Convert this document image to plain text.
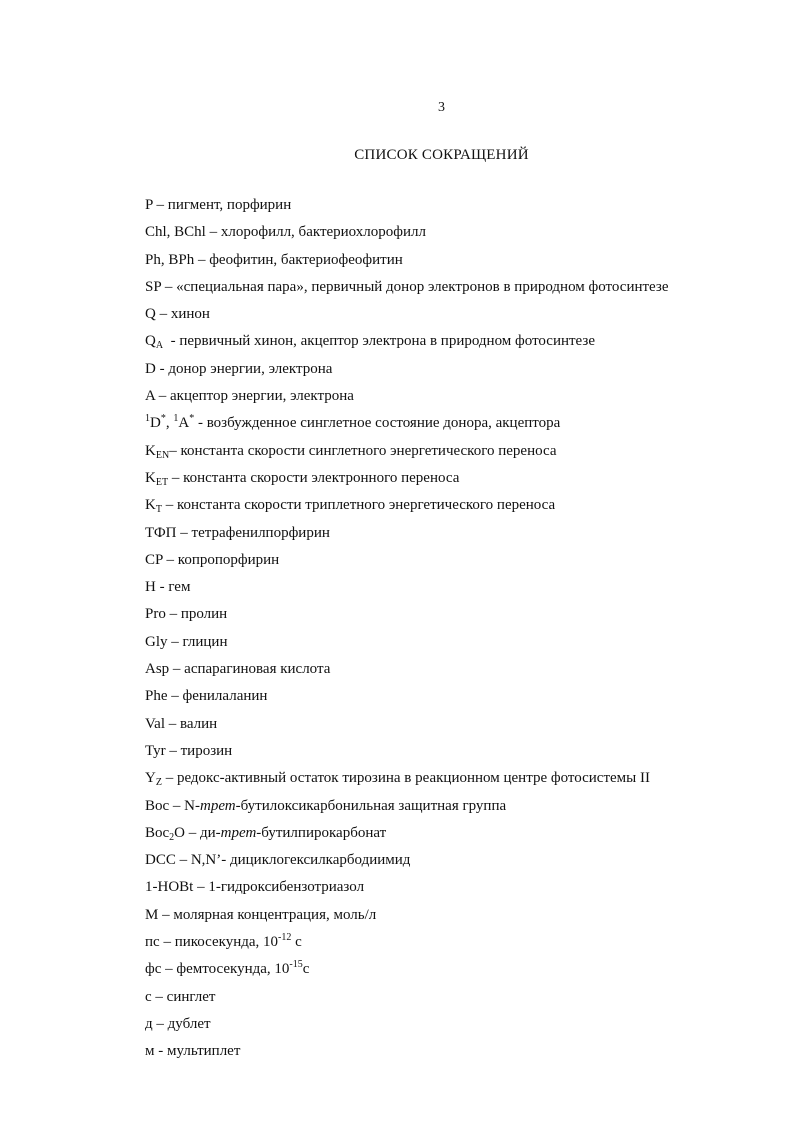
3
СПИСОК СОКРАЩЕНИЙ
P – пигмент, порфирин
Chl, BChl – хлорофилл, бактериохлорофилл
Ph, BPh – феофитин, бактериофеофитин
SP – «специальная пара», первичный донор электронов в природном фотосинтезе
Q – хинон
$Q_A$  - первичный хинон, акцептор электрона в природном фотосинтезе
D - донор энергии, электрона
A – акцептор энергии, электрона
$^1$D*, $^1$A* - возбужденное синглетное состояние донора, акцептора
$K_{EN}-$ константа скорости синглетного энергетического переноса
$K_{ET}$ – константа скорости электронного переноса
$K_T$ – константа скорости триплетного энергетического переноса
ТФП – тетрафенилпорфирин
CP – копропорфирин
H - гем
Pro – пролин
Gly – глицин
Asp – аспарагиновая кислота
Phe – фенилаланин
Val – валин
Tyr – тирозин
$Y_Z$ – редокс-активный остаток тирозина в реакционном центре фотосистемы II
Boc – N-трет-бутилоксикарбонильная защитная группа
Boc$_2$O – ди-трет-бутилпирокарбонат
DCC – N,N’- дициклогексилкарбодиимид
1-HOBt – 1-гидроксибензотриазол
M – молярная концентрация, моль/л
пс – пикосекунда, $10^{-12}$ с
фс – фемтосекунда, $10^{-15}с$
с – синглет
д – дублет
м - мультиплет
